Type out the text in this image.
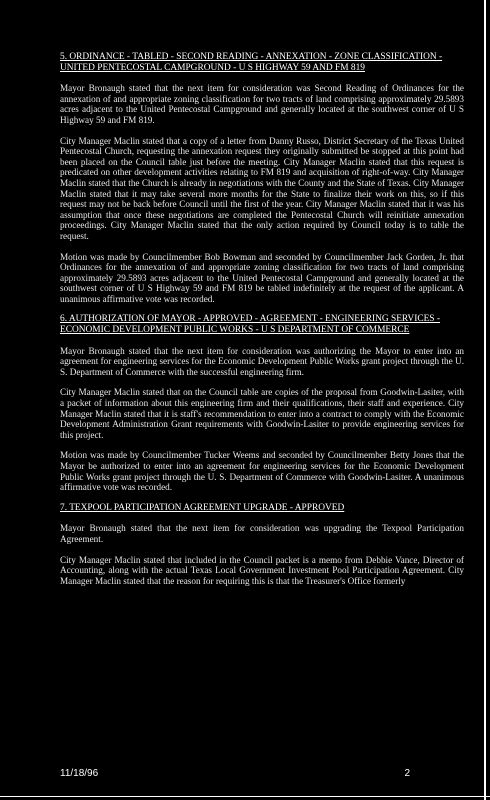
5. ORDINANCE - TABLED - SECOND READING - ANNEXATION - ZONE CLASSIFICATION - UNITED PENTECOSTAL CAMPGROUND - U S HIGHWAY 59 AND FM 819

Mayor Bronaugh stated that the next item for consideration was Second Reading of Ordinances for the annexation of and appropriate zoning classification for two tracts of land comprising approximately 29.5893 acres adjacent to the United Pentecostal Campground and generally located at the southwest corner of U S Highway 59 and FM 819.

City Manager Maclin stated that a copy of a letter from Danny Russo, District Secretary of the Texas United Pentecostal Church, requesting the annexation request they originally submitted be stopped at this point had been placed on the Council table just before the meeting. City Manager Maclin stated that this request is predicated on other development activities relating to FM 819 and acquisition of right-of-way. City Manager Maclin stated that the Church is already in negotiations with the County and the State of Texas. City Manager Maclin stated that it may take several more months for the State to finalize their work on this, so if this request may not be back before Council until the first of the year. City Manager Maclin stated that it was his assumption that once these negotiations are completed the Pentecostal Church will reinitiate annexation proceedings. City Manager Maclin stated that the only action required by Council today is to table the request.

Motion was made by Councilmember Bob Bowman and seconded by Councilmember Jack Gorden, Jr. that Ordinances for the annexation of and appropriate zoning classification for two tracts of land comprising approximately 29.5893 acres adjacent to the United Pentecostal Campground and generally located at the southwest corner of U S Highway 59 and FM 819 be tabled indefinitely at the request of the applicant. A unanimous affirmative vote was recorded.

6. AUTHORIZATION OF MAYOR - APPROVED - AGREEMENT - ENGINEERING SERVICES - ECONOMIC DEVELOPMENT PUBLIC WORKS - U S DEPARTMENT OF COMMERCE

Mayor Bronaugh stated that the next item for consideration was authorizing the Mayor to enter into an agreement for engineering services for the Economic Development Public Works grant project through the U. S. Department of Commerce with the successful engineering firm.

City Manager Maclin stated that on the Council table are copies of the proposal from Goodwin-Lasiter, with a packet of information about this engineering firm and their qualifications, their staff and experience. City Manager Maclin stated that it is staff's recommendation to enter into a contract to comply with the Economic Development Administration Grant requirements with Goodwin-Lasiter to provide engineering services for this project.

Motion was made by Councilmember Tucker Weems and seconded by Councilmember Betty Jones that the Mayor be authorized to enter into an agreement for engineering services for the Economic Development Public Works grant project through the U. S. Department of Commerce with Goodwin-Lasiter. A unanimous affirmative vote was recorded.

7. TEXPOOL PARTICIPATION AGREEMENT UPGRADE - APPROVED

Mayor Bronaugh stated that the next item for consideration was upgrading the Texpool Participation Agreement.

City Manager Maclin stated that included in the Council packet is a memo from Debbie Vance, Director of Accounting, along with the actual Texas Local Government Investment Pool Participation Agreement. City Manager Maclin stated that the reason for requiring this is that the Treasurer's Office formerly

11/18/96	2
